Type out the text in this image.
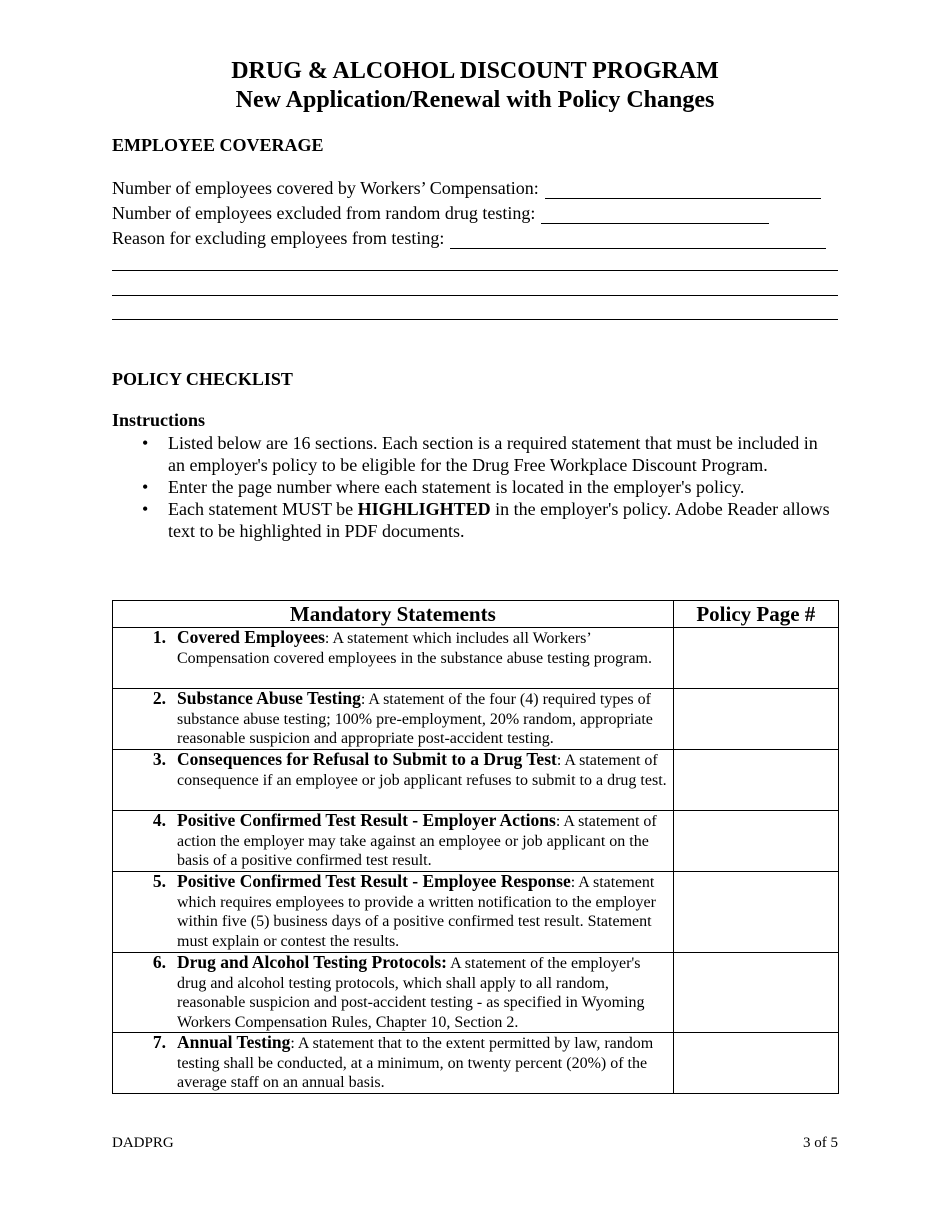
DRUG & ALCOHOL DISCOUNT PROGRAM
New Application/Renewal with Policy Changes
EMPLOYEE COVERAGE
Number of employees covered by Workers’ Compensation:
Number of employees excluded from random drug testing:
Reason for excluding employees from testing:
POLICY CHECKLIST
Instructions
• Listed below are 16 sections. Each section is a required statement that must be included in an employer's policy to be eligible for the Drug Free Workplace Discount Program.
• Enter the page number where each statement is located in the employer's policy.
• Each statement MUST be HIGHLIGHTED in the employer's policy. Adobe Reader allows text to be highlighted in PDF documents.
Mandatory Statements	Policy Page #

1. Covered Employees: A statement which includes all Workers’ Compensation covered employees in the substance abuse testing program.	

2. Substance Abuse Testing: A statement of the four (4) required types of substance abuse testing; 100% pre-employment, 20% random, appropriate reasonable suspicion and appropriate post-accident testing.	

3. Consequences for Refusal to Submit to a Drug Test: A statement of consequence if an employee or job applicant refuses to submit to a drug test.	

4. Positive Confirmed Test Result - Employer Actions: A statement of action the employer may take against an employee or job applicant on the basis of a positive confirmed test result.	

5. Positive Confirmed Test Result - Employee Response: A statement which requires employees to provide a written notification to the employer within five (5) business days of a positive confirmed test result. Statement must explain or contest the results.	

6. Drug and Alcohol Testing Protocols: A statement of the employer's drug and alcohol testing protocols, which shall apply to all random, reasonable suspicion and post-accident testing - as specified in Wyoming Workers Compensation Rules, Chapter 10, Section 2.	

7. Annual Testing: A statement that to the extent permitted by law, random testing shall be conducted, at a minimum, on twenty percent (20%) of the average staff on an annual basis.	

DADPRG	3 of 5
